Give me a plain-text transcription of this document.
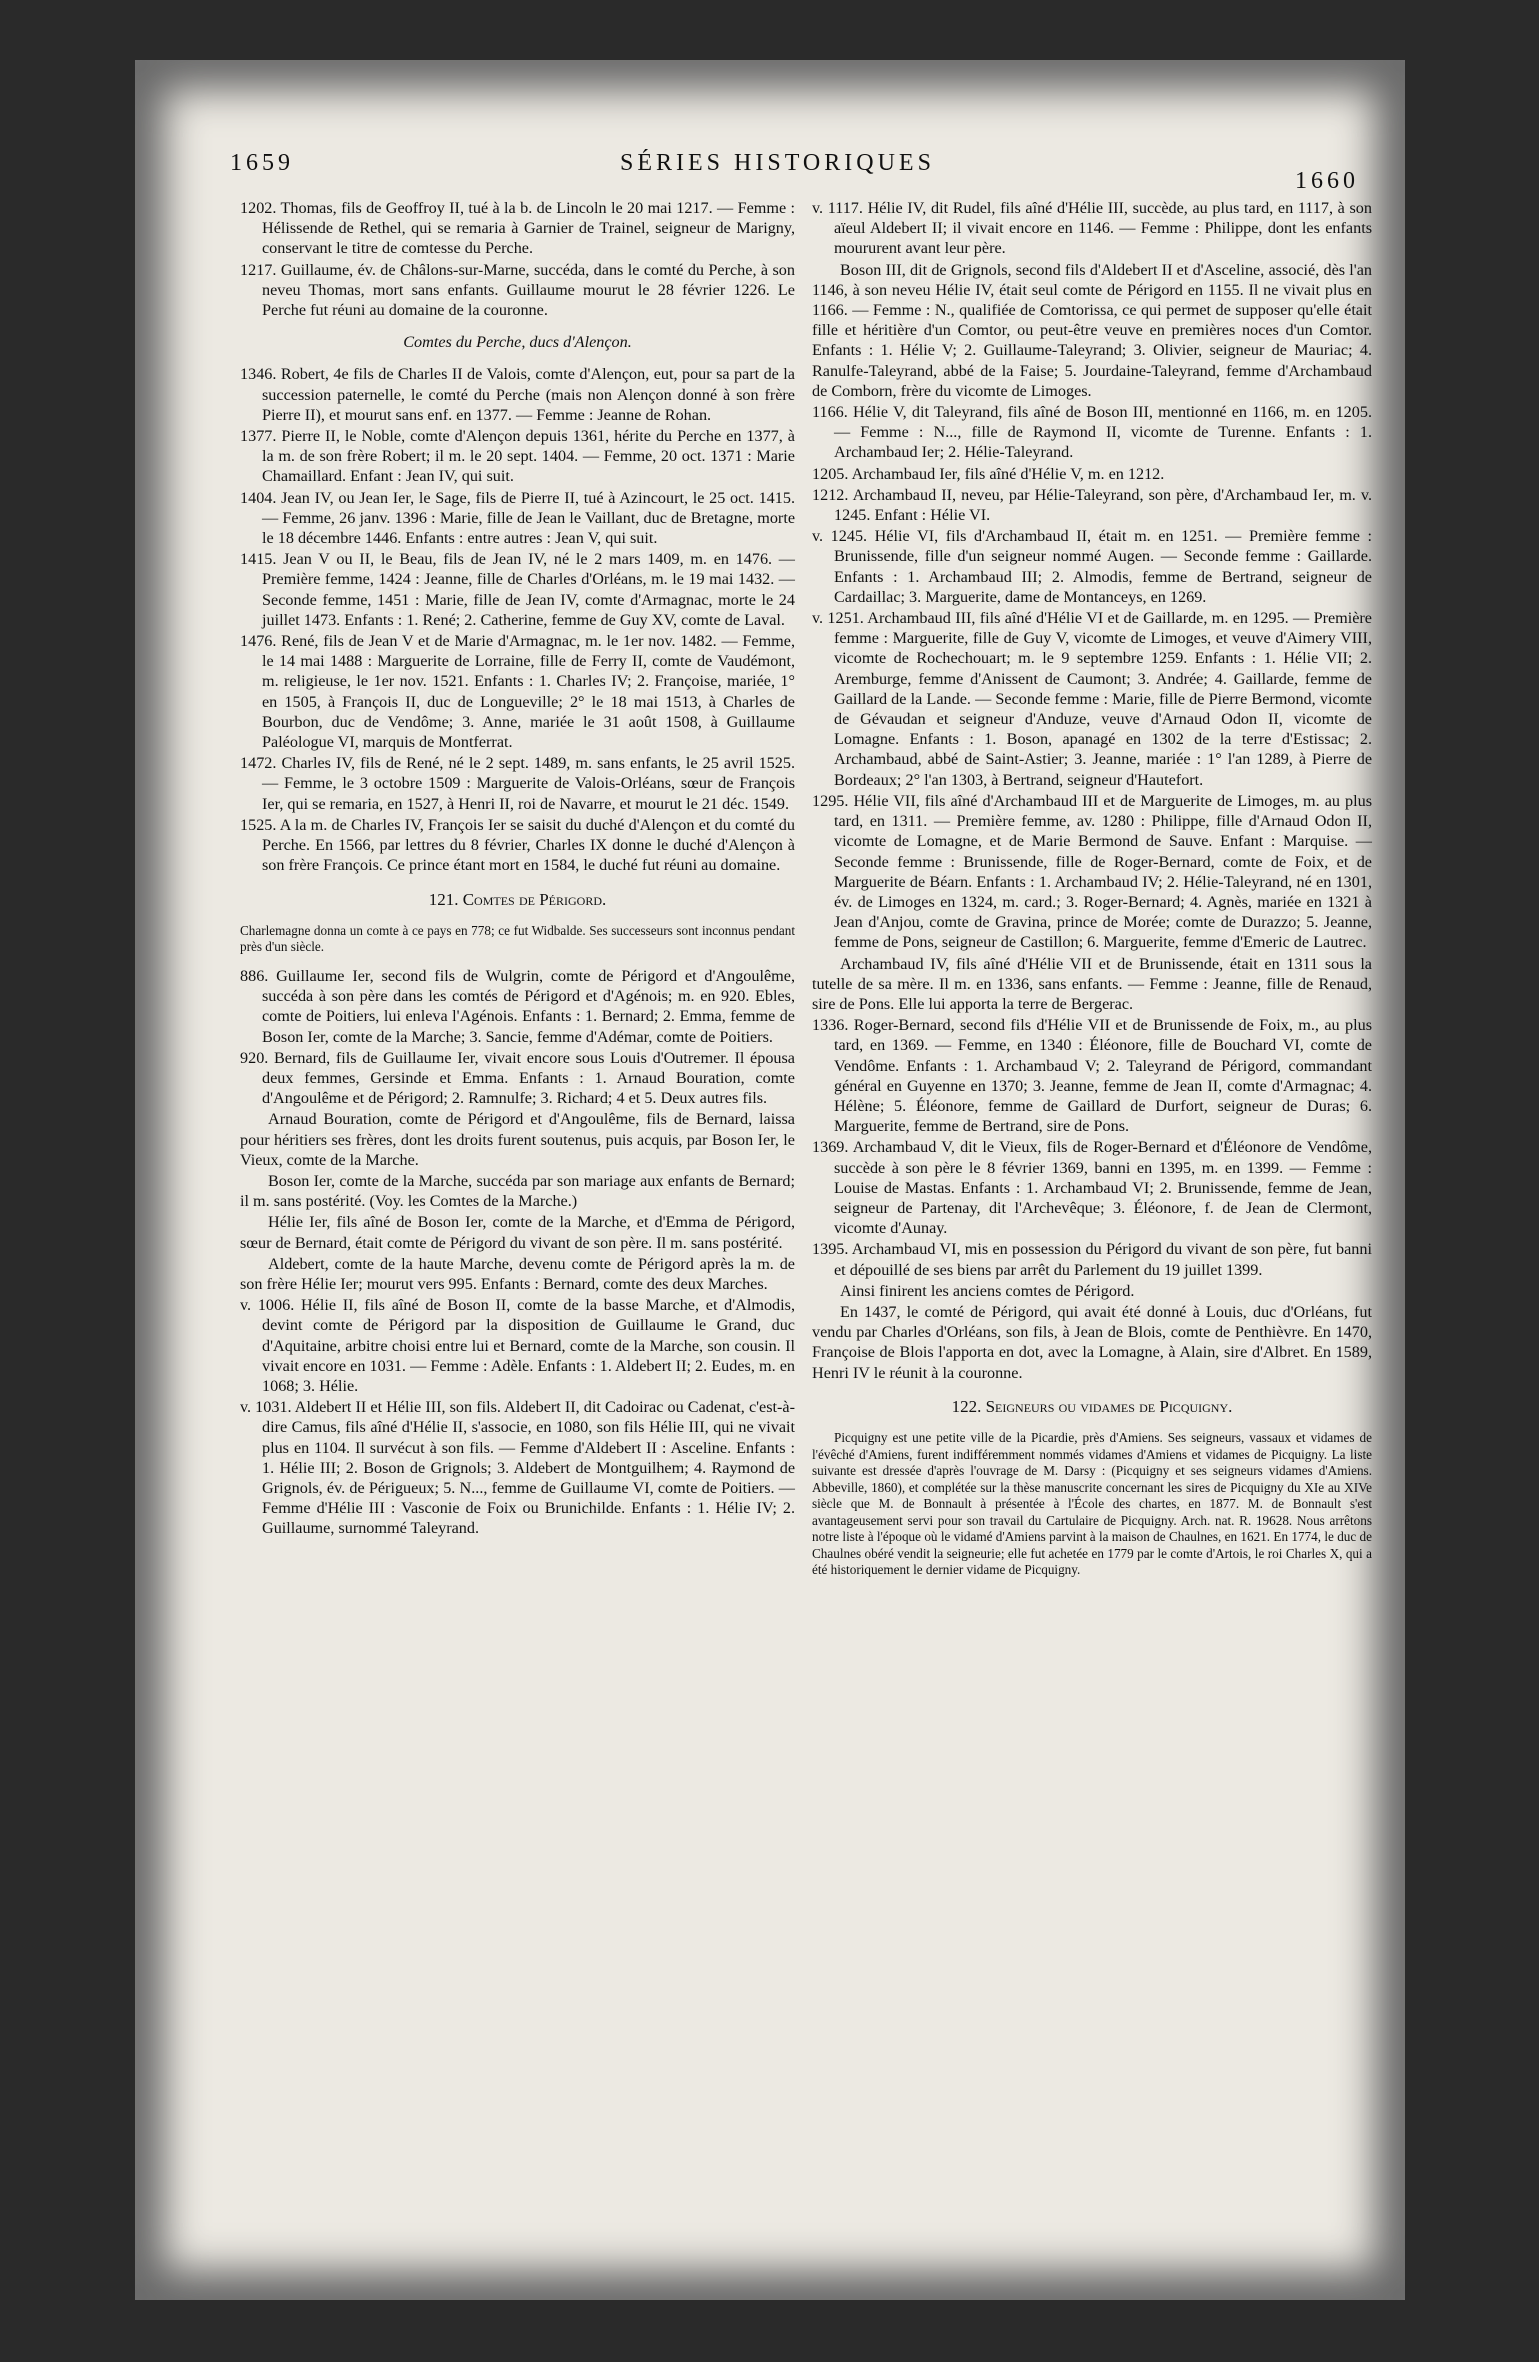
1659	SÉRIES HISTORIQUES
1660

1202. Thomas, fils de Geoffroy II, tué à la b. de Lincoln le 20 mai 1217. — Femme : Hélissende de Rethel, qui se remaria à Garnier de Trainel, seigneur de Marigny, conservant le titre de comtesse du Perche.

1217. Guillaume, év. de Châlons-sur-Marne, succéda, dans le comté du Perche, à son neveu Thomas, mort sans enfants. Guillaume mourut le 28 février 1226. Le Perche fut réuni au domaine de la couronne.

Comtes du Perche, ducs d'Alençon.

1346. Robert, 4e fils de Charles II de Valois, comte d'Alençon, eut, pour sa part de la succession paternelle, le comté du Perche (mais non Alençon donné à son frère Pierre II), et mourut sans enf. en 1377. — Femme : Jeanne de Rohan.

1377. Pierre II, le Noble, comte d'Alençon depuis 1361, hérite du Perche en 1377, à la m. de son frère Robert; il m. le 20 sept. 1404. — Femme, 20 oct. 1371 : Marie Chamaillard. Enfant : Jean IV, qui suit.

1404. Jean IV, ou Jean Ier, le Sage, fils de Pierre II, tué à Azincourt, le 25 oct. 1415. — Femme, 26 janv. 1396 : Marie, fille de Jean le Vaillant, duc de Bretagne, morte le 18 décembre 1446. Enfants : entre autres : Jean V, qui suit.

1415. Jean V ou II, le Beau, fils de Jean IV, né le 2 mars 1409, m. en 1476. — Première femme, 1424 : Jeanne, fille de Charles d'Orléans, m. le 19 mai 1432. — Seconde femme, 1451 : Marie, fille de Jean IV, comte d'Armagnac, morte le 24 juillet 1473. Enfants : 1. René; 2. Catherine, femme de Guy XV, comte de Laval.

1476. René, fils de Jean V et de Marie d'Armagnac, m. le 1er nov. 1482. — Femme, le 14 mai 1488 : Marguerite de Lorraine, fille de Ferry II, comte de Vaudémont, m. religieuse, le 1er nov. 1521. Enfants : 1. Charles IV; 2. Françoise, mariée, 1° en 1505, à François II, duc de Longueville; 2° le 18 mai 1513, à Charles de Bourbon, duc de Vendôme; 3. Anne, mariée le 31 août 1508, à Guillaume Paléologue VI, marquis de Montferrat.

1472. Charles IV, fils de René, né le 2 sept. 1489, m. sans enfants, le 25 avril 1525. — Femme, le 3 octobre 1509 : Marguerite de Valois-Orléans, sœur de François Ier, qui se remaria, en 1527, à Henri II, roi de Navarre, et mourut le 21 déc. 1549.

1525. A la m. de Charles IV, François Ier se saisit du duché d'Alençon et du comté du Perche. En 1566, par lettres du 8 février, Charles IX donne le duché d'Alençon à son frère François. Ce prince étant mort en 1584, le duché fut réuni au domaine.

121. Comtes de Périgord.

Charlemagne donna un comte à ce pays en 778; ce fut Widbalde. Ses successeurs sont inconnus pendant près d'un siècle.

886. Guillaume Ier, second fils de Wulgrin, comte de Périgord et d'Angoulême, succéda à son père dans les comtés de Périgord et d'Agénois; m. en 920. Ebles, comte de Poitiers, lui enleva l'Agénois. Enfants : 1. Bernard; 2. Emma, femme de Boson Ier, comte de la Marche; 3. Sancie, femme d'Adémar, comte de Poitiers.

920. Bernard, fils de Guillaume Ier, vivait encore sous Louis d'Outremer. Il épousa deux femmes, Gersinde et Emma. Enfants : 1. Arnaud Bouration, comte d'Angoulême et de Périgord; 2. Ramnulfe; 3. Richard; 4 et 5. Deux autres fils.

Arnaud Bouration, comte de Périgord et d'Angoulême, fils de Bernard, laissa pour héritiers ses frères, dont les droits furent soutenus, puis acquis, par Boson Ier, le Vieux, comte de la Marche.

Boson Ier, comte de la Marche, succéda par son mariage aux enfants de Bernard; il m. sans postérité. (Voy. les Comtes de la Marche.)

Hélie Ier, fils aîné de Boson Ier, comte de la Marche, et d'Emma de Périgord, sœur de Bernard, était comte de Périgord du vivant de son père. Il m. sans postérité.

Aldebert, comte de la haute Marche, devenu comte de Périgord après la m. de son frère Hélie Ier; mourut vers 995. Enfants : Bernard, comte des deux Marches.

v. 1006. Hélie II, fils aîné de Boson II, comte de la basse Marche, et d'Almodis, devint comte de Périgord par la disposition de Guillaume le Grand, duc d'Aquitaine, arbitre choisi entre lui et Bernard, comte de la Marche, son cousin. Il vivait encore en 1031. — Femme : Adèle. Enfants : 1. Aldebert II; 2. Eudes, m. en 1068; 3. Hélie.

v. 1031. Aldebert II et Hélie III, son fils. Aldebert II, dit Cadoirac ou Cadenat, c'est-à-dire Camus, fils aîné d'Hélie II, s'associe, en 1080, son fils Hélie III, qui ne vivait plus en 1104. Il survécut à son fils. — Femme d'Aldebert II : Asceline. Enfants : 1. Hélie III; 2. Boson de Grignols; 3. Aldebert de Montguilhem; 4. Raymond de Grignols, év. de Périgueux; 5. N..., femme de Guillaume VI, comte de Poitiers. — Femme d'Hélie III : Vasconie de Foix ou Brunichilde. Enfants : 1. Hélie IV; 2. Guillaume, surnommé Taleyrand.

v. 1117. Hélie IV, dit Rudel, fils aîné d'Hélie III, succède, au plus tard, en 1117, à son aïeul Aldebert II; il vivait encore en 1146. — Femme : Philippe, dont les enfants moururent avant leur père.

Boson III, dit de Grignols, second fils d'Aldebert II et d'Asceline, associé, dès l'an 1146, à son neveu Hélie IV, était seul comte de Périgord en 1155. Il ne vivait plus en 1166. — Femme : N., qualifiée de Comtorissa, ce qui permet de supposer qu'elle était fille et héritière d'un Comtor, ou peut-être veuve en premières noces d'un Comtor. Enfants : 1. Hélie V; 2. Guillaume-Taleyrand; 3. Olivier, seigneur de Mauriac; 4. Ranulfe-Taleyrand, abbé de la Faise; 5. Jourdaine-Taleyrand, femme d'Archambaud de Comborn, frère du vicomte de Limoges.

1166. Hélie V, dit Taleyrand, fils aîné de Boson III, mentionné en 1166, m. en 1205. — Femme : N..., fille de Raymond II, vicomte de Turenne. Enfants : 1. Archambaud Ier; 2. Hélie-Taleyrand.

1205. Archambaud Ier, fils aîné d'Hélie V, m. en 1212.

1212. Archambaud II, neveu, par Hélie-Taleyrand, son père, d'Archambaud Ier, m. v. 1245. Enfant : Hélie VI.

v. 1245. Hélie VI, fils d'Archambaud II, était m. en 1251. — Première femme : Brunissende, fille d'un seigneur nommé Augen. — Seconde femme : Gaillarde. Enfants : 1. Archambaud III; 2. Almodis, femme de Bertrand, seigneur de Cardaillac; 3. Marguerite, dame de Montanceys, en 1269.

v. 1251. Archambaud III, fils aîné d'Hélie VI et de Gaillarde, m. en 1295. — Première femme : Marguerite, fille de Guy V, vicomte de Limoges, et veuve d'Aimery VIII, vicomte de Rochechouart; m. le 9 septembre 1259. Enfants : 1. Hélie VII; 2. Aremburge, femme d'Anissent de Caumont; 3. Andrée; 4. Gaillarde, femme de Gaillard de la Lande. — Seconde femme : Marie, fille de Pierre Bermond, vicomte de Gévaudan et seigneur d'Anduze, veuve d'Arnaud Odon II, vicomte de Lomagne. Enfants : 1. Boson, apanagé en 1302 de la terre d'Estissac; 2. Archambaud, abbé de Saint-Astier; 3. Jeanne, mariée : 1° l'an 1289, à Pierre de Bordeaux; 2° l'an 1303, à Bertrand, seigneur d'Hautefort.

1295. Hélie VII, fils aîné d'Archambaud III et de Marguerite de Limoges, m. au plus tard, en 1311. — Première femme, av. 1280 : Philippe, fille d'Arnaud Odon II, vicomte de Lomagne, et de Marie Bermond de Sauve. Enfant : Marquise. — Seconde femme : Brunissende, fille de Roger-Bernard, comte de Foix, et de Marguerite de Béarn. Enfants : 1. Archambaud IV; 2. Hélie-Taleyrand, né en 1301, év. de Limoges en 1324, m. card.; 3. Roger-Bernard; 4. Agnès, mariée en 1321 à Jean d'Anjou, comte de Gravina, prince de Morée; comte de Durazzo; 5. Jeanne, femme de Pons, seigneur de Castillon; 6. Marguerite, femme d'Emeric de Lautrec.

Archambaud IV, fils aîné d'Hélie VII et de Brunissende, était en 1311 sous la tutelle de sa mère. Il m. en 1336, sans enfants. — Femme : Jeanne, fille de Renaud, sire de Pons. Elle lui apporta la terre de Bergerac.

1336. Roger-Bernard, second fils d'Hélie VII et de Brunissende de Foix, m., au plus tard, en 1369. — Femme, en 1340 : Éléonore, fille de Bouchard VI, comte de Vendôme. Enfants : 1. Archambaud V; 2. Taleyrand de Périgord, commandant général en Guyenne en 1370; 3. Jeanne, femme de Jean II, comte d'Armagnac; 4. Hélène; 5. Éléonore, femme de Gaillard de Durfort, seigneur de Duras; 6. Marguerite, femme de Bertrand, sire de Pons.

1369. Archambaud V, dit le Vieux, fils de Roger-Bernard et d'Éléonore de Vendôme, succède à son père le 8 février 1369, banni en 1395, m. en 1399. — Femme : Louise de Mastas. Enfants : 1. Archambaud VI; 2. Brunissende, femme de Jean, seigneur de Partenay, dit l'Archevêque; 3. Éléonore, f. de Jean de Clermont, vicomte d'Aunay.

1395. Archambaud VI, mis en possession du Périgord du vivant de son père, fut banni et dépouillé de ses biens par arrêt du Parlement du 19 juillet 1399.

Ainsi finirent les anciens comtes de Périgord.

En 1437, le comté de Périgord, qui avait été donné à Louis, duc d'Orléans, fut vendu par Charles d'Orléans, son fils, à Jean de Blois, comte de Penthièvre. En 1470, Françoise de Blois l'apporta en dot, avec la Lomagne, à Alain, sire d'Albret. En 1589, Henri IV le réunit à la couronne.

122. Seigneurs ou vidames de Picquigny.

Picquigny est une petite ville de la Picardie, près d'Amiens. Ses seigneurs, vassaux et vidames de l'évêché d'Amiens, furent indifféremment nommés vidames d'Amiens et vidames de Picquigny. La liste suivante est dressée d'après l'ouvrage de M. Darsy : (Picquigny et ses seigneurs vidames d'Amiens. Abbeville, 1860), et complétée sur la thèse manuscrite concernant les sires de Picquigny du XIe au XIVe siècle que M. de Bonnault à présentée à l'École des chartes, en 1877. M. de Bonnault s'est avantageusement servi pour son travail du Cartulaire de Picquigny. Arch. nat. R. 19628. Nous arrêtons notre liste à l'époque où le vidamé d'Amiens parvint à la maison de Chaulnes, en 1621. En 1774, le duc de Chaulnes obéré vendit la seigneurie; elle fut achetée en 1779 par le comte d'Artois, le roi Charles X, qui a été historiquement le dernier vidame de Picquigny.
